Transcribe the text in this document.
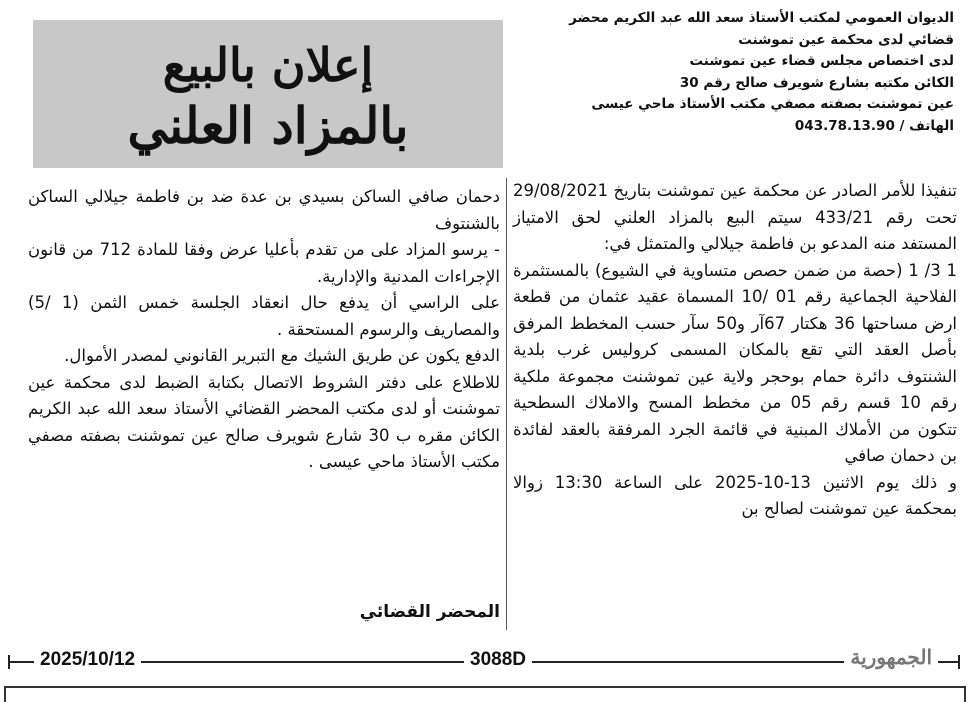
الديوان العمومي لمكتب الأستاذ سعد الله عبد الكريم محضر
قضائي لدى محكمة عين تموشنت
لدى اختصاص مجلس قضاء عين تموشنت
الكائن مكتبه بشارع شويرف صالح رقم 30
عين تموشنت بصفته مصفي مكتب الأستاذ ماحي عيسى
الهاتف / 043.78.13.90
إعلان بالبيع
بالمزاد العلني

تنفيذا للأمر الصادر عن محكمة عين تموشنت بتاريخ 29/08/2021 تحت رقم 433/21 سيتم البيع بالمزاد العلني لحق الامتياز المستفد منه المدعو بن فاطمة جيلالي والمتمثل في:

1 3/ 1 (حصة من ضمن حصص متساوية في الشيوع) بالمستثمرة الفلاحية الجماعية رقم 01 /10 المسماة عقيد عثمان من قطعة ارض مساحتها 36 هكتار 67آر و50 سآر حسب المخطط المرفق بأصل العقد التي تقع بالمكان المسمى كروليس غرب بلدية الشنتوف دائرة حمام بوحجر ولاية عين تموشنت مجموعة ملكية رقم 10 قسم رقم 05 من مخطط المسح والاملاك السطحية تتكون من الأملاك المبنية في قائمة الجرد المرفقة بالعقد لفائدة بن دحمان صافي

و ذلك يوم الاثنين 13-10-2025 على الساعة 13:30 زوالا بمحكمة عين تموشنت لصالح بن

دحمان صافي الساكن بسيدي بن عدة ضد بن فاطمة جيلالي الساكن بالشنتوف

- يرسو المزاد على من تقدم بأعليا عرض وفقا للمادة 712 من قانون الإجراءات المدنية والإدارية.

على الراسي أن يدفع حال انعقاد الجلسة خمس الثمن (1 /5) والمصاريف والرسوم المستحقة .

الدفع يكون عن طريق الشيك مع التبرير القانوني لمصدر الأموال.

للاطلاع على دفتر الشروط الاتصال بكتابة الضبط لدى محكمة عين تموشنت أو لدى مكتب المحضر القضائي الأستاذ سعد الله عبد الكريم الكائن مقره ب 30 شارع شويرف صالح عين تموشنت بصفته مصفي مكتب الأستاذ ماحي عيسى .

المحضر القضائي
2025/10/12	3088D	الجمهورية
